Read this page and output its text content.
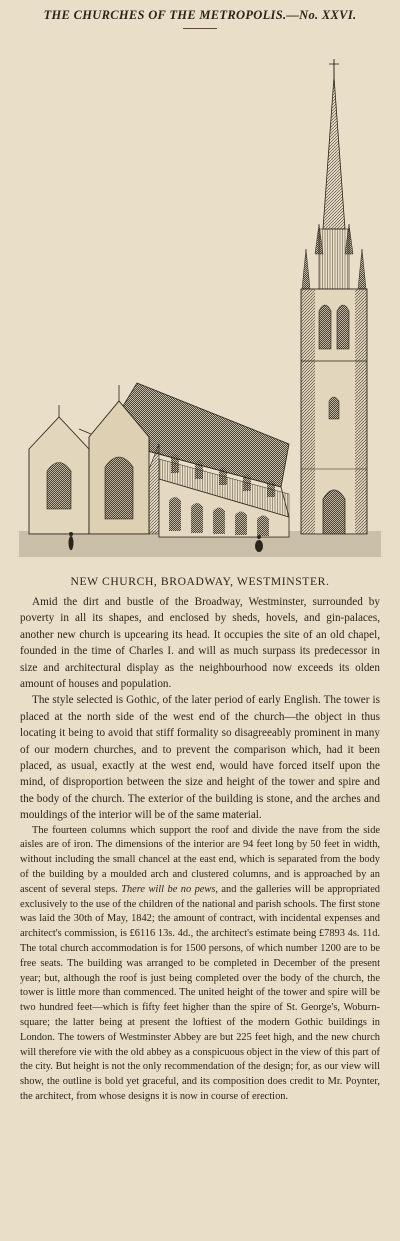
THE CHURCHES OF THE METROPOLIS.—No. XXVI.
NEW CHURCH, BROADWAY, WESTMINSTER.

Amid the dirt and bustle of the Broadway, Westminster, surrounded by poverty in all its shapes, and enclosed by sheds, hovels, and gin-palaces, another new church is upcearing its head. It occupies the site of an old chapel, founded in the time of Charles I. and will as much surpass its predecessor in size and architectural display as the neighbourhood now exceeds its olden amount of houses and population.

The style selected is Gothic, of the later period of early English. The tower is placed at the north side of the west end of the church—the object in thus locating it being to avoid that stiff formality so disagreeably prominent in many of our modern churches, and to prevent the comparison which, had it been placed, as usual, exactly at the west end, would have forced itself upon the mind, of disproportion between the size and height of the tower and spire and the body of the church. The exterior of the building is stone, and the arches and mouldings of the interior will be of the same material.

The fourteen columns which support the roof and divide the nave from the side aisles are of iron. The dimensions of the interior are 94 feet long by 50 feet in width, without including the small chancel at the east end, which is separated from the body of the building by a moulded arch and clustered columns, and is approached by an ascent of several steps. There will be no pews, and the galleries will be appropriated exclusively to the use of the children of the national and parish schools. The first stone was laid the 30th of May, 1842; the amount of contract, with incidental expenses and architect's commission, is £6116 13s. 4d., the architect's estimate being £7893 4s. 11d. The total church accommodation is for 1500 persons, of which number 1200 are to be free seats. The building was arranged to be completed in December of the present year; but, although the roof is just being completed over the body of the church, the tower is little more than commenced. The united height of the tower and spire will be two hundred feet—which is fifty feet higher than the spire of St. George's, Woburn-square; the latter being at present the loftiest of the modern Gothic buildings in London. The towers of Westminster Abbey are but 225 feet high, and the new church will therefore vie with the old abbey as a conspicuous object in the view of this part of the city. But height is not the only recommendation of the design; for, as our view will show, the outline is bold yet graceful, and its composition does credit to Mr. Poynter, the architect, from whose designs it is now in course of erection.
